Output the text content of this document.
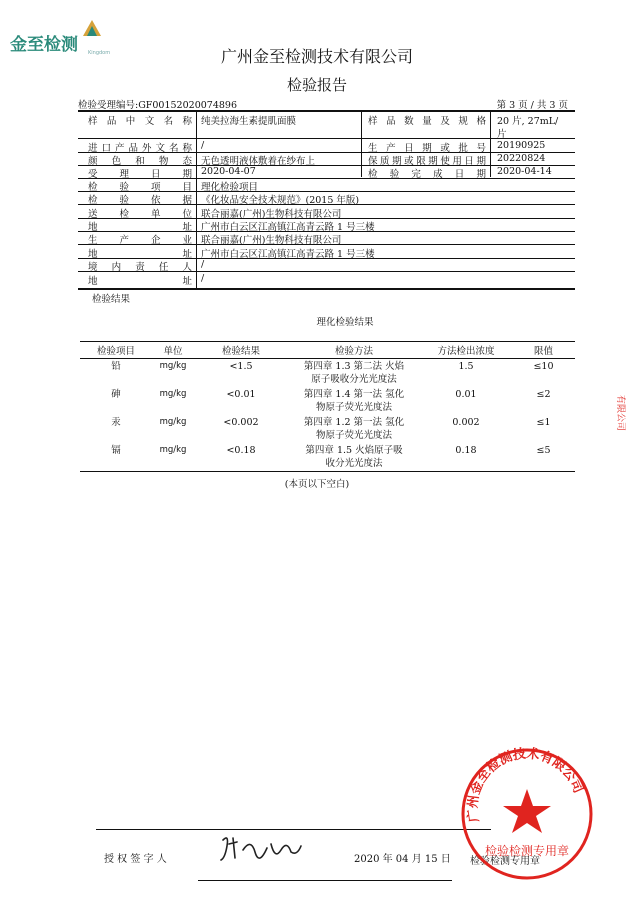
金至检测 Kingdom	广州金至检测技术有限公司
检验报告
检验受理编号:GF00152020074896	第 3 页 / 共 3 页
样 品 中 文 名 称 纯美拉海生素提肌面膜	样 品 数 量 及 规 格 20 片, 27mL/
片
进口产品外文名称 /	生 产 日 期 或 批 号 20190925
颜 色 和 物 态 无色透明液体敷着在纱布上	保质期或限期使用日期 20220824
受 理 日 期 2020-04-07	检 验 完 成 日 期 2020-04-14
检 验 项 目 理化检验项目
检 验 依 据 《化妆品安全技术规范》(2015 年版)
送 检 单 位 联合丽嘉(广州)生物科技有限公司
地 址 广州市白云区江高镇江高青云路 1 号三楼
生 产 企 业 联合丽嘉(广州)生物科技有限公司
地 址 广州市白云区江高镇江高青云路 1 号三楼
境 内 责 任 人 /
地 址 /
检验结果
理化检验结果
检验项目	单位	检验结果	检验方法	方法检出浓度	限值
铅	mg/kg	<1.5	第四章 1.3 第二法 火焰
原子吸收分光光度法	1.5	≤10
砷	mg/kg	<0.01	第四章 1.4 第一法 氢化
物原子荧光光度法	0.01	≤2
汞	mg/kg	<0.002	第四章 1.2 第一法 氢化
物原子荧光光度法	0.002	≤1
镉	mg/kg	<0.18	第四章 1.5 火焰原子吸
收分光光度法	0.18	≤5
(本页以下空白)
授 权 签 字 人	2020 年 04 月 15 日 检验检测专用章
广州金至检测技术有限公司
检验检测专用章
有限公司
